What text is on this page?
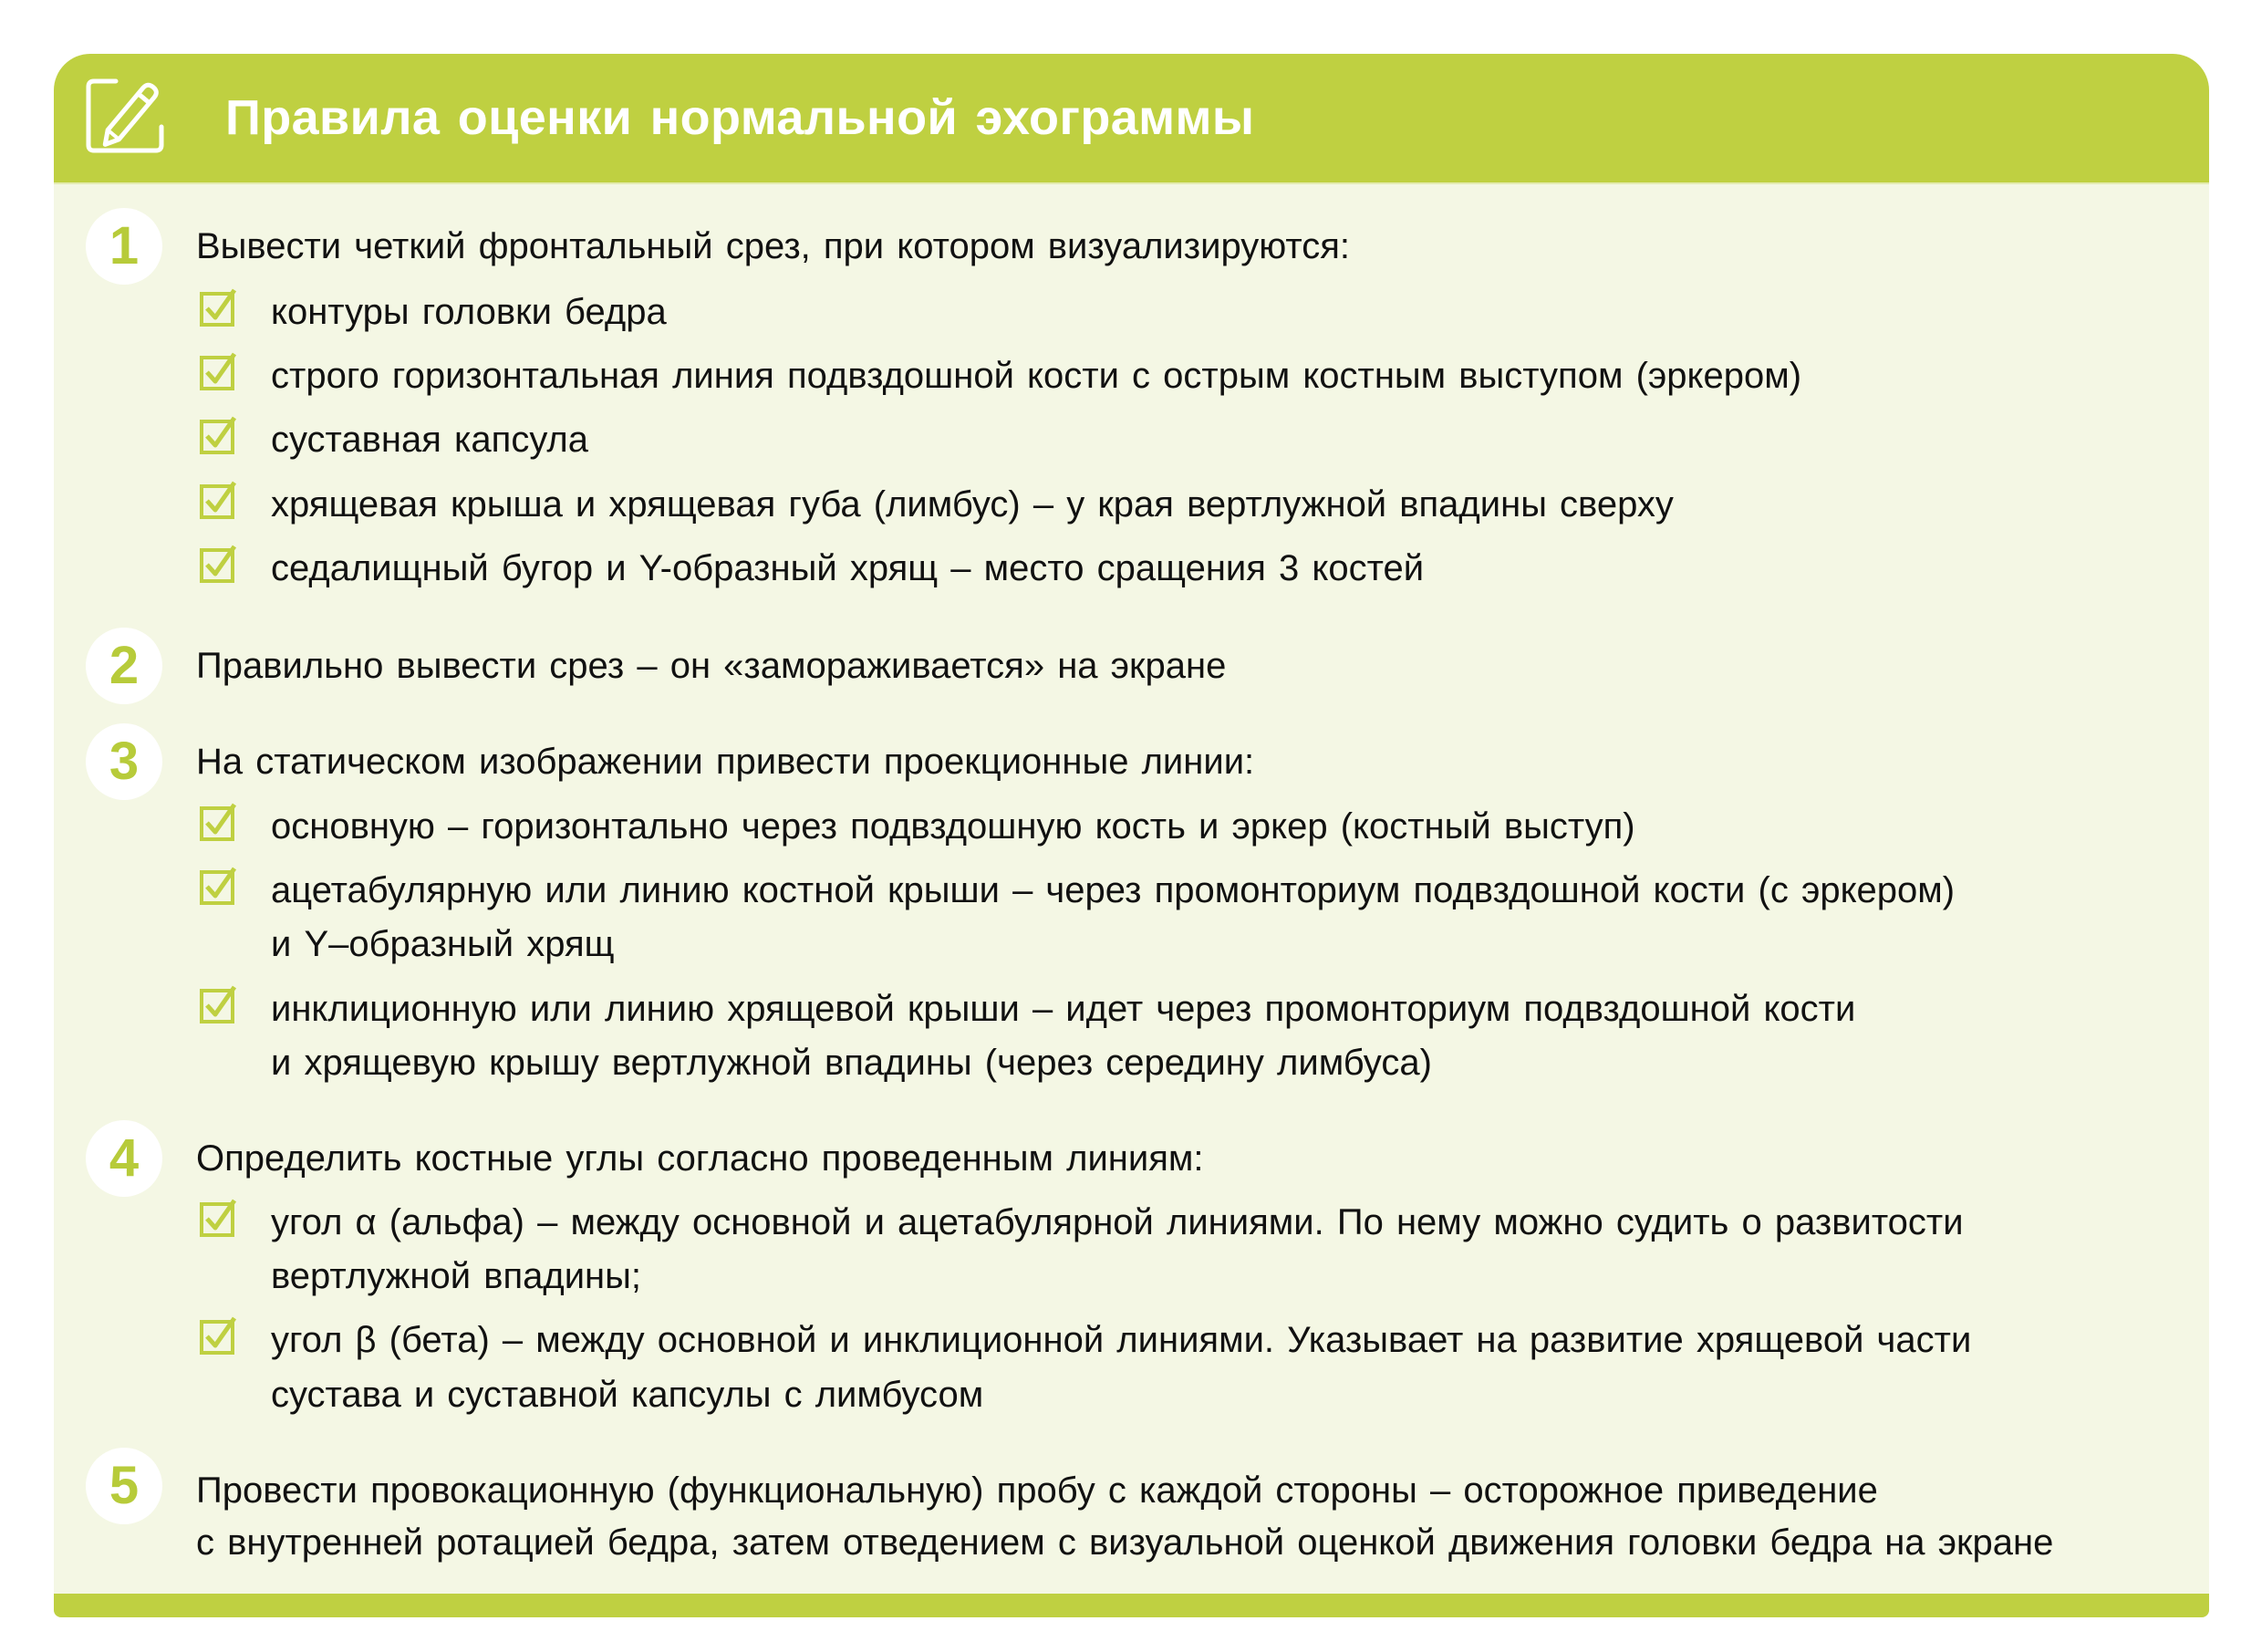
Правила оценки нормальной эхограммы
1	Вывести четкий фронтальный срез, при котором визуализируются:
контуры головки бедра
строго горизонтальная линия подвздошной кости с острым костным выступом (эркером)
суставная капсула
хрящевая крыша и хрящевая губа (лимбус) – у края вертлужной впадины сверху
седалищный бугор и Y-образный хрящ – место сращения 3 костей
2	Правильно вывести срез – он «замораживается» на экране
3	На статическом изображении привести проекционные линии:
основную – горизонтально через подвздошную кость и эркер (костный выступ)
ацетабулярную или линию костной крыши – через промонториум подвздошной кости (с эркером)
и Y–образный хрящ
инклиционную или линию хрящевой крыши – идет через промонториум подвздошной кости
и хрящевую крышу вертлужной впадины (через середину лимбуса)
4	Определить костные углы согласно проведенным линиям:
угол α (альфа) – между основной и ацетабулярной линиями. По нему можно судить о развитости
вертлужной впадины;
угол β (бета) – между основной и инклиционной линиями. Указывает на развитие хрящевой части
сустава и суставной капсулы с лимбусом
5	Провести провокационную (функциональную) пробу с каждой стороны – осторожное приведение
с внутренней ротацией бедра, затем отведением с визуальной оценкой движения головки бедра на экране
